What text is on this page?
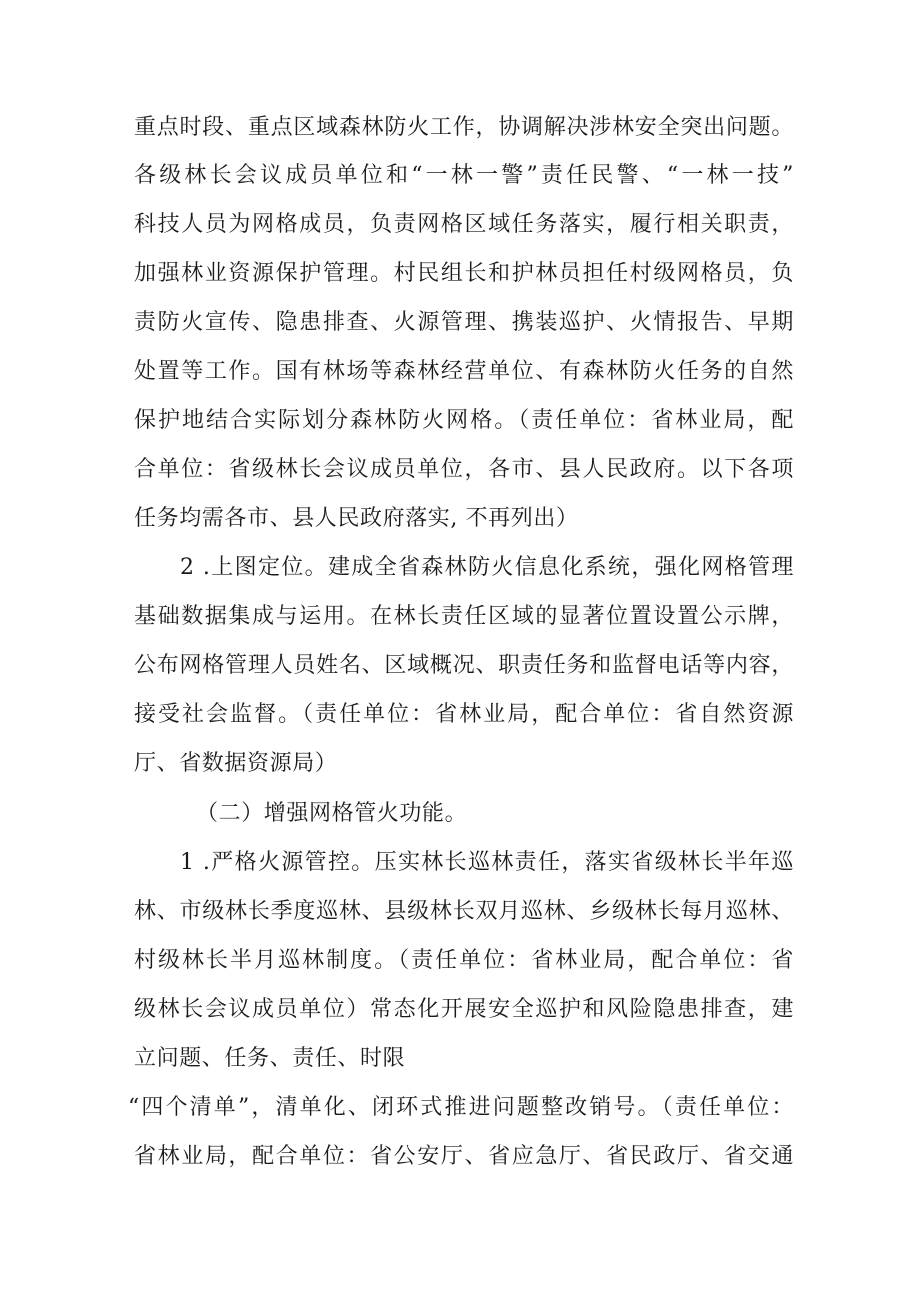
重点时段、重点区域森林防火工作，协调解决涉林安全突出问题。
各级林长会议成员单位和“一林一警”责任民警、“一林一技”
科技人员为网格成员，负责网格区域任务落实，履行相关职责，
加强林业资源保护管理。村民组长和护林员担任村级网格员，负
责防火宣传、隐患排查、火源管理、携装巡护、火情报告、早期
处置等工作。国有林场等森林经营单位、有森林防火任务的自然
保护地结合实际划分森林防火网格。（责任单位：省林业局，配
合单位：省级林长会议成员单位，各市、县人民政府。以下各项
任务均需各市、县人民政府落实, 不再列出）
2 .上图定位。建成全省森林防火信息化系统，强化网格管理
基础数据集成与运用。在林长责任区域的显著位置设置公示牌，
公布网格管理人员姓名、区域概况、职责任务和监督电话等内容，
接受社会监督。（责任单位：省林业局，配合单位：省自然资源
厅、省数据资源局）
（二）增强网格管火功能。
1 .严格火源管控。压实林长巡林责任，落实省级林长半年巡
林、市级林长季度巡林、县级林长双月巡林、乡级林长每月巡林、
村级林长半月巡林制度。（责任单位：省林业局，配合单位：省
级林长会议成员单位）常态化开展安全巡护和风险隐患排查，建
立问题、任务、责任、时限
“四个清单”，清单化、闭环式推进问题整改销号。（责任单位：
省林业局，配合单位：省公安厅、省应急厅、省民政厅、省交通
